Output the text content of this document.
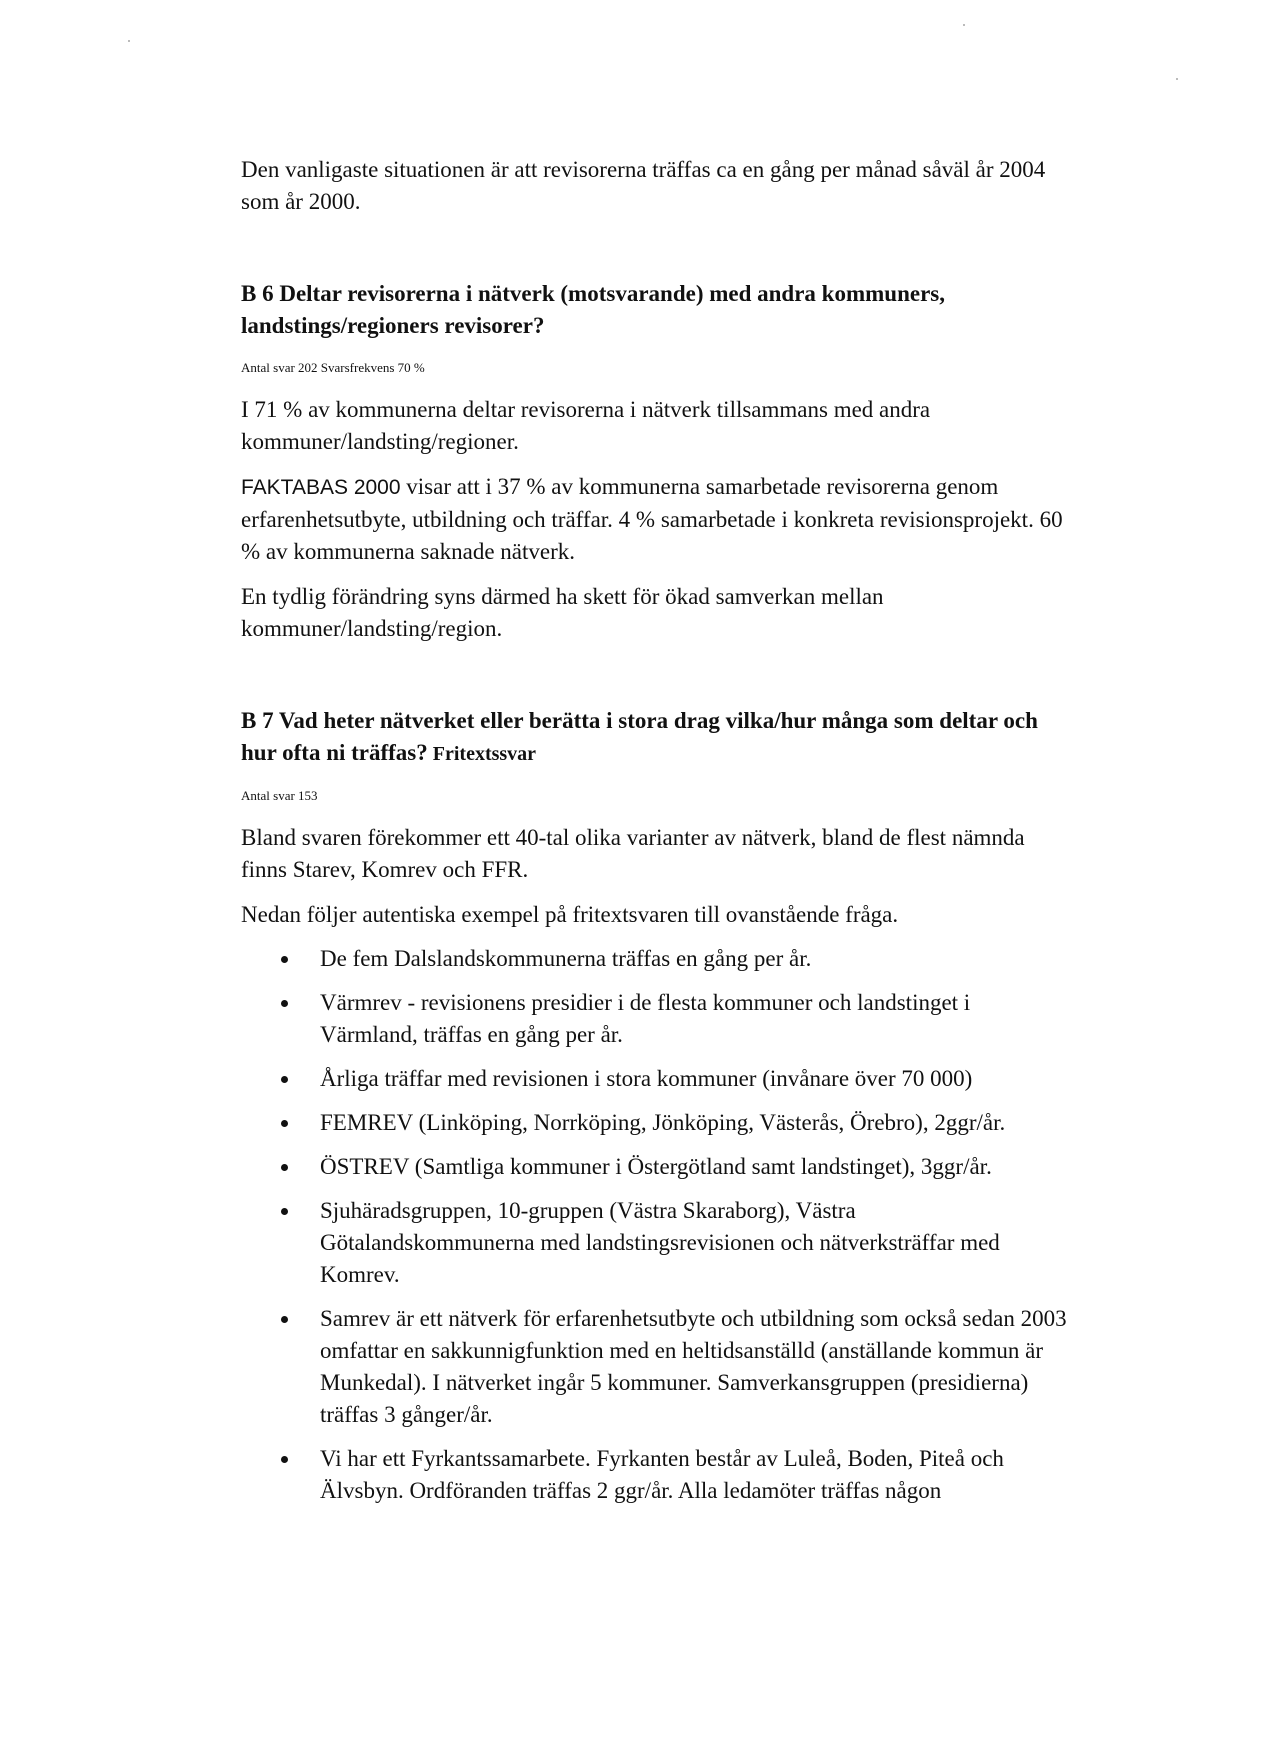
Den vanligaste situationen är att revisorerna träffas ca en gång per månad såväl år 2004 som år 2000.

B 6 Deltar revisorerna i nätverk (motsvarande) med andra kommuners, landstings/regioners revisorer?

Antal svar 202 Svarsfrekvens 70 %

I 71 % av kommunerna deltar revisorerna i nätverk tillsammans med andra kommuner/landsting/regioner.

FAKTABAS 2000 visar att i 37 % av kommunerna samarbetade revisorerna genom erfarenhetsutbyte, utbildning och träffar. 4 % samarbetade i konkreta revisionsprojekt. 60 % av kommunerna saknade nätverk.

En tydlig förändring syns därmed ha skett för ökad samverkan mellan kommuner/landsting/region.

B 7 Vad heter nätverket eller berätta i stora drag vilka/hur många som deltar och hur ofta ni träffas? Fritextssvar

Antal svar 153

Bland svaren förekommer ett 40-tal olika varianter av nätverk, bland de flest nämnda finns Starev, Komrev och FFR.

Nedan följer autentiska exempel på fritextsvaren till ovanstående fråga.

De fem Dalslandskommunerna träffas en gång per år.
Värmrev - revisionens presidier i de flesta kommuner och landstinget i Värmland, träffas en gång per år.
Årliga träffar med revisionen i stora kommuner (invånare över 70 000)
FEMREV (Linköping, Norrköping, Jönköping, Västerås, Örebro), 2ggr/år.
ÖSTREV (Samtliga kommuner i Östergötland samt landstinget), 3ggr/år.
Sjuhäradsgruppen, 10-gruppen (Västra Skaraborg), Västra Götalandskommunerna med landstingsrevisionen och nätverksträffar med Komrev.
Samrev är ett nätverk för erfarenhetsutbyte och utbildning som också sedan 2003 omfattar en sakkunnigfunktion med en heltidsanställd (anställande kommun är Munkedal). I nätverket ingår 5 kommuner. Samverkansgruppen (presidierna) träffas 3 gånger/år.
Vi har ett Fyrkantssamarbete. Fyrkanten består av Luleå, Boden, Piteå och Älvsbyn. Ordföranden träffas 2 ggr/år. Alla ledamöter träffas någon
